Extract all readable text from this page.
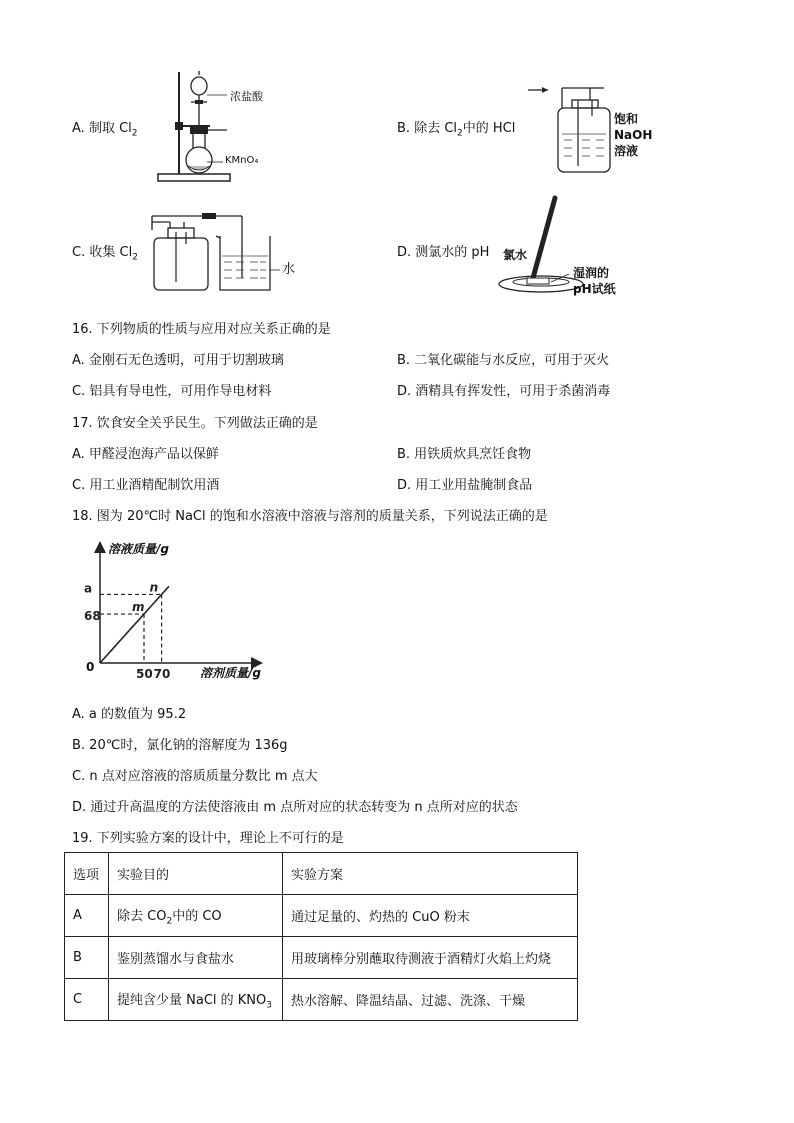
A. 制取 $Cl_2$
浓盐酸
KMnO₄
B. 除去 $Cl_2$中的 HCl
饱和
NaOH
溶液
C. 收集 $Cl_2$
水
D. 测氯水的 pH 氯水
湿润的
pH试纸
16. 下列物质的性质与应用对应关系正确的是
A. 金刚石无色透明，可用于切割玻璃	B. 二氧化碳能与水反应，可用于灭火
C. 铝具有导电性，可用作导电材料	D. 酒精具有挥发性，可用于杀菌消毒
17. 饮食安全关乎民生。下列做法正确的是
A. 甲醛浸泡海产品以保鲜	B. 用铁质炊具烹饪食物
C. 用工业酒精配制饮用酒	D. 用工业用盐腌制食品
18. 图为 20℃时 NaCl 的饱和水溶液中溶液与溶剂的质量关系，下列说法正确的是
m
50
68
n
70
a
溶液质量/g
溶剂质量/g
0
A. a 的数值为 95.2
B. 20℃时，氯化钠的溶解度为 136g
C. n 点对应溶液的溶质质量分数比 m 点大
D. 通过升高温度的方法使溶液由 m 点所对应的状态转变为 n 点所对应的状态
19. 下列实验方案的设计中，理论上不可行的是
选项	实验目的	实验方案
A	除去 $CO_2$中的 CO	通过足量的、灼热的 CuO 粉末
B	鉴别蒸馏水与食盐水	用玻璃棒分别蘸取待测液于酒精灯火焰上灼烧
C	提纯含少量 NaCl 的 $KNO_3$	热水溶解、降温结晶、过滤、洗涤、干燥
